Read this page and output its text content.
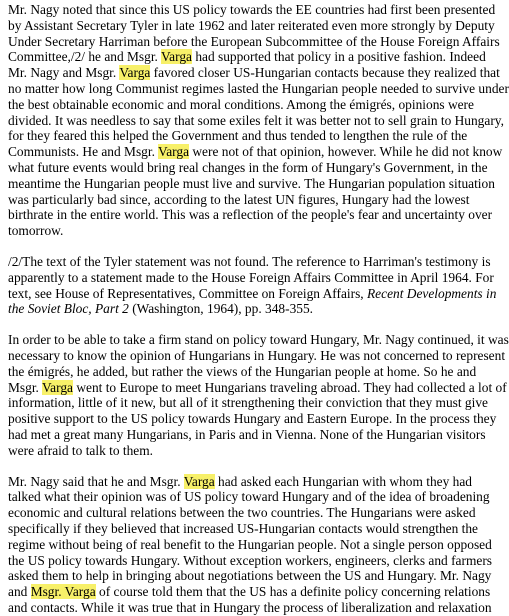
Mr. Nagy noted that since this US policy towards the EE countries had first been presented
by Assistant Secretary Tyler in late 1962 and later reiterated even more strongly by Deputy
Under Secretary Harriman before the European Subcommittee of the House Foreign Affairs
Committee,/2/ he and Msgr. Varga had supported that policy in a positive fashion. Indeed
Mr. Nagy and Msgr. Varga favored closer US-Hungarian contacts because they realized that
no matter how long Communist regimes lasted the Hungarian people needed to survive under
the best obtainable economic and moral conditions. Among the émigrés, opinions were
divided. It was needless to say that some exiles felt it was better not to sell grain to Hungary,
for they feared this helped the Government and thus tended to lengthen the rule of the
Communists. He and Msgr. Varga were not of that opinion, however. While he did not know
what future events would bring real changes in the form of Hungary's Government, in the
meantime the Hungarian people must live and survive. The Hungarian population situation
was particularly bad since, according to the latest UN figures, Hungary had the lowest
birthrate in the entire world. This was a reflection of the people's fear and uncertainty over
tomorrow.
/2/The text of the Tyler statement was not found. The reference to Harriman's testimony is
apparently to a statement made to the House Foreign Affairs Committee in April 1964. For
text, see House of Representatives, Committee on Foreign Affairs, Recent Developments in
the Soviet Bloc, Part 2 (Washington, 1964), pp. 348-355.
In order to be able to take a firm stand on policy toward Hungary, Mr. Nagy continued, it was
necessary to know the opinion of Hungarians in Hungary. He was not concerned to represent
the émigrés, he added, but rather the views of the Hungarian people at home. So he and
Msgr. Varga went to Europe to meet Hungarians traveling abroad. They had collected a lot of
information, little of it new, but all of it strengthening their conviction that they must give
positive support to the US policy towards Hungary and Eastern Europe. In the process they
had met a great many Hungarians, in Paris and in Vienna. None of the Hungarian visitors
were afraid to talk to them.
Mr. Nagy said that he and Msgr. Varga had asked each Hungarian with whom they had
talked what their opinion was of US policy toward Hungary and of the idea of broadening
economic and cultural relations between the two countries. The Hungarians were asked
specifically if they believed that increased US-Hungarian contacts would strengthen the
regime without being of real benefit to the Hungarian people. Not a single person opposed
the US policy towards Hungary. Without exception workers, engineers, clerks and farmers
asked them to help in bringing about negotiations between the US and Hungary. Mr. Nagy
and Msgr. Varga of course told them that the US has a definite policy concerning relations
and contacts. While it was true that in Hungary the process of liberalization and relaxation
